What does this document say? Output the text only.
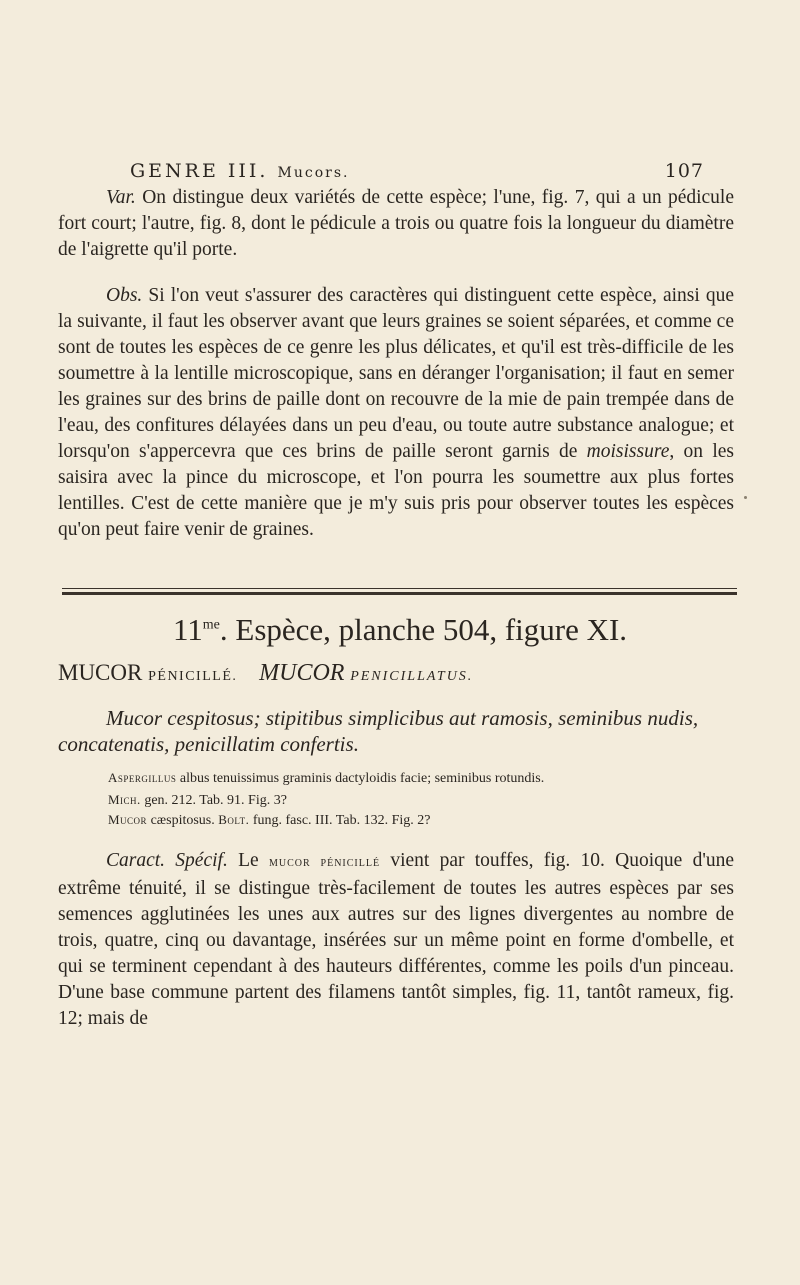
GENRE III. Mucors.	107

Var. On distingue deux variétés de cette espèce; l'une, fig. 7, qui a un pédicule fort court; l'autre, fig. 8, dont le pédicule a trois ou quatre fois la longueur du diamètre de l'aigrette qu'il porte.

Obs. Si l'on veut s'assurer des caractères qui distinguent cette espèce, ainsi que la suivante, il faut les observer avant que leurs graines se soient séparées, et comme ce sont de toutes les espèces de ce genre les plus délicates, et qu'il est très-difficile de les soumettre à la lentille microscopique, sans en déranger l'organisation; il faut en semer les graines sur des brins de paille dont on recouvre de la mie de pain trempée dans de l'eau, des confitures délayées dans un peu d'eau, ou toute autre substance analogue; et lorsqu'on s'appercevra que ces brins de paille seront garnis de moisissure, on les saisira avec la pince du microscope, et l'on pourra les soumettre aux plus fortes lentilles. C'est de cette manière que je m'y suis pris pour observer toutes les espèces qu'on peut faire venir de graines.

$11^{me}$. Espèce, planche 504, figure XI.
MUCOR PÉNICILLÉ. MUCOR PENICILLATUS.

Mucor cespitosus; stipitibus simplicibus aut ramosis, seminibus nudis, concatenatis, penicillatim confertis.

Aspergillus albus tenuissimus graminis dactyloidis facie; seminibus rotundis.
Mich. gen. 212. Tab. 91. Fig. 3?

Mucor cæspitosus. Bolt. fung. fasc. III. Tab. 132. Fig. 2?

Caract. Spécif. Le mucor pénicillé vient par touffes, fig. 10. Quoique d'une extrême ténuité, il se distingue très-facilement de toutes les autres espèces par ses semences agglutinées les unes aux autres sur des lignes divergentes au nombre de trois, quatre, cinq ou davantage, insérées sur un même point en forme d'ombelle, et qui se terminent cependant à des hauteurs différentes, comme les poils d'un pinceau. D'une base commune partent des filamens tantôt simples, fig. 11, tantôt rameux, fig. 12; mais de
